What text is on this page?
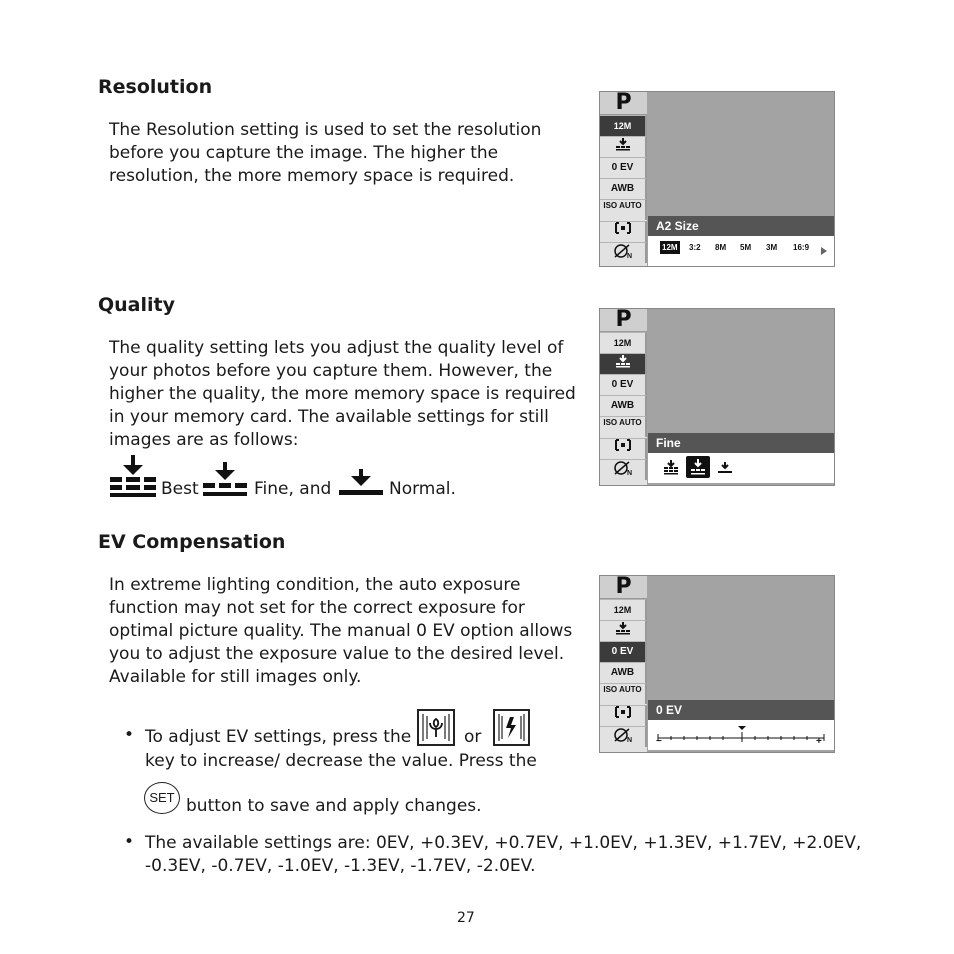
Resolution

The Resolution setting is used to set the resolution

before you capture the image. The higher the

resolution, the more memory space is required.

P
12M
0 EV
AWB
ISO AUTO
N
A2 Size
12M 3:2 8M 5M 3M 16:9
Quality

The quality setting lets you adjust the quality level of

your photos before you capture them. However, the

higher the quality, the more memory space is required

in your memory card. The available settings for still

images are as follows:

Best	Fine, and	Normal.
P
12M
0 EV
AWB
ISO AUTO
N
Fine
EV Compensation

In extreme lighting condition, the auto exposure

function may not set for the correct exposure for

optimal picture quality. The manual 0 EV option allows

you to adjust the exposure value to the desired level.

Available for still images only.

• To adjust EV settings, press the	or
key to increase/ decrease the value. Press the
SET button to save and apply changes.
• The available settings are: 0EV, +0.3EV, +0.7EV, +1.0EV, +1.3EV, +1.7EV, +2.0EV,
-0.3EV, -0.7EV, -1.0EV, -1.3EV, -1.7EV, -2.0EV.
P
12M
0 EV
AWB
ISO AUTO
N
0 EV
−	+
27
